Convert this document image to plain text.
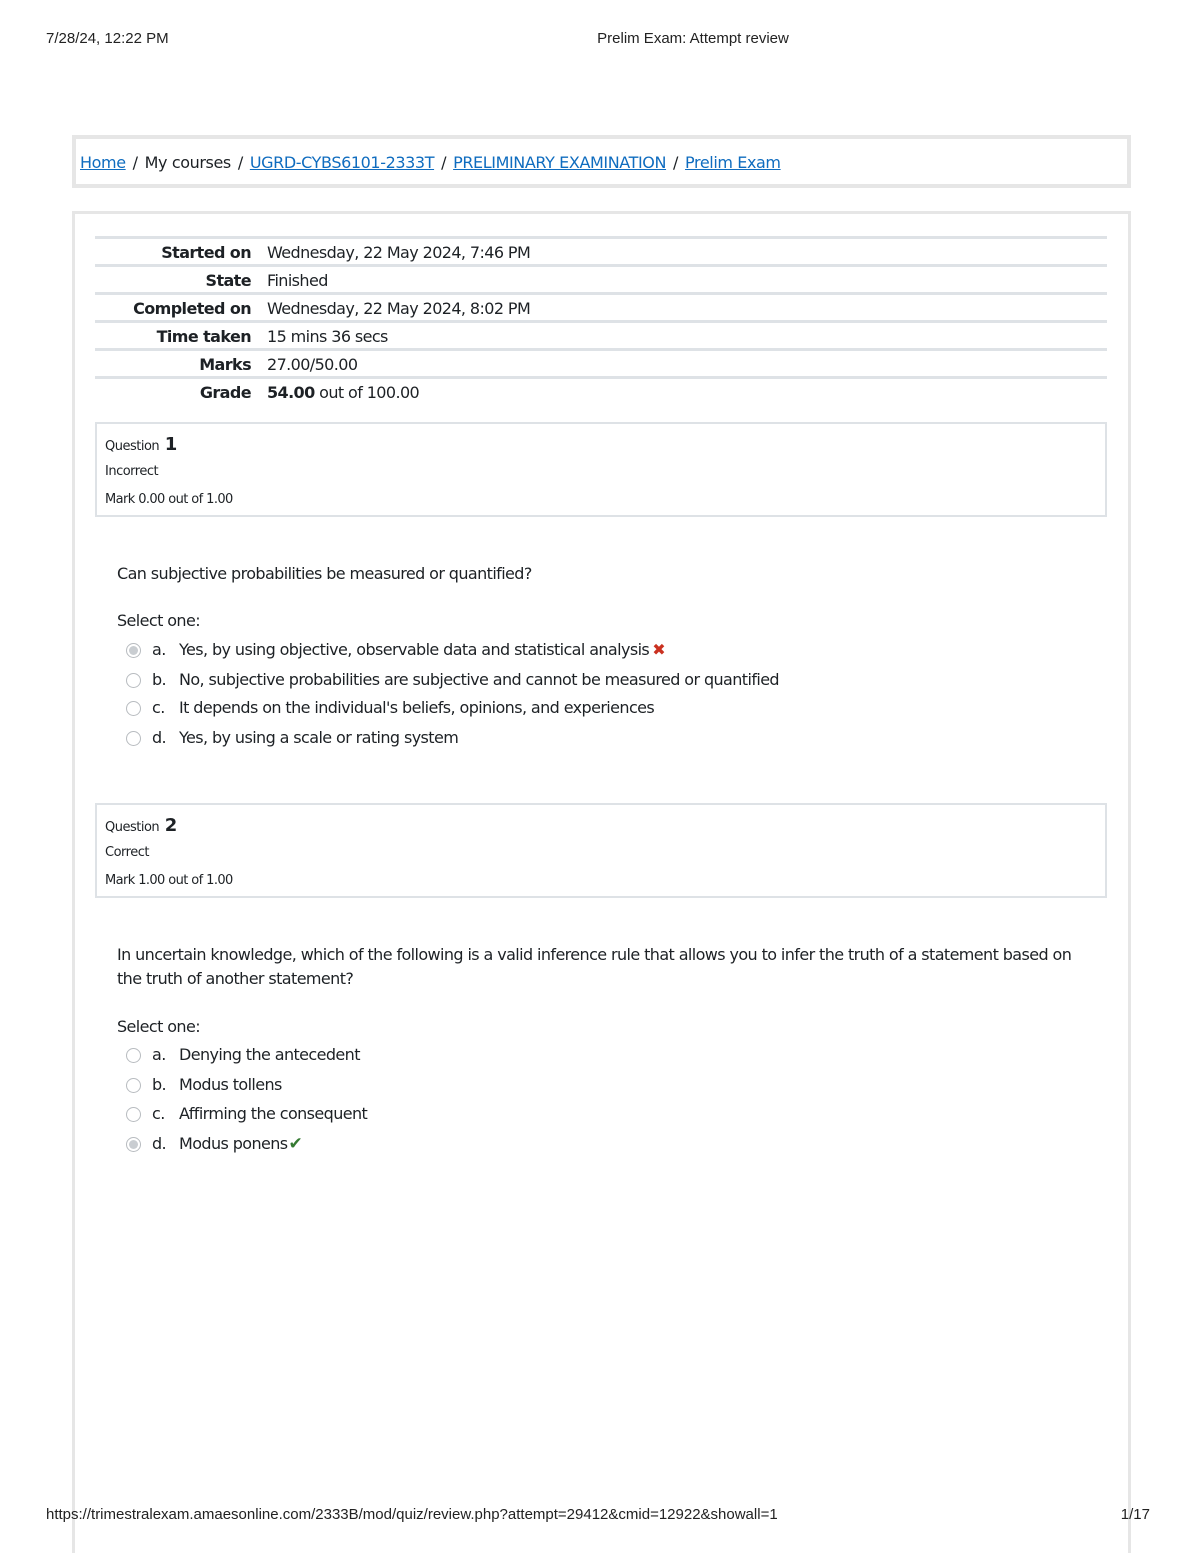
7/28/24, 12:22 PM	Prelim Exam: Attempt review
Home / My courses / UGRD-CYBS6101-2333T / PRELIMINARY EXAMINATION / Prelim Exam
Started on Wednesday, 22 May 2024, 7:46 PM
State Finished
Completed on Wednesday, 22 May 2024, 8:02 PM
Time taken 15 mins 36 secs
Marks 27.00/50.00
Grade 54.00 out of 100.00
Question 1
Incorrect
Mark 0.00 out of 1.00
Can subjective probabilities be measured or quantified?
Select one:
a. Yes, by using objective, observable data and statistical analysis ✖
b. No, subjective probabilities are subjective and cannot be measured or quantified
c. It depends on the individual's beliefs, opinions, and experiences
d. Yes, by using a scale or rating system
Question 2
Correct
Mark 1.00 out of 1.00
In uncertain knowledge, which of the following is a valid inference rule that allows you to infer the truth of a statement based on the truth of another statement?
Select one:
a. Denying the antecedent
b. Modus tollens
c. Affirming the consequent
d. Modus ponens✔
https://trimestralexam.amaesonline.com/2333B/mod/quiz/review.php?attempt=29412&cmid=12922&showall=1	1/17
